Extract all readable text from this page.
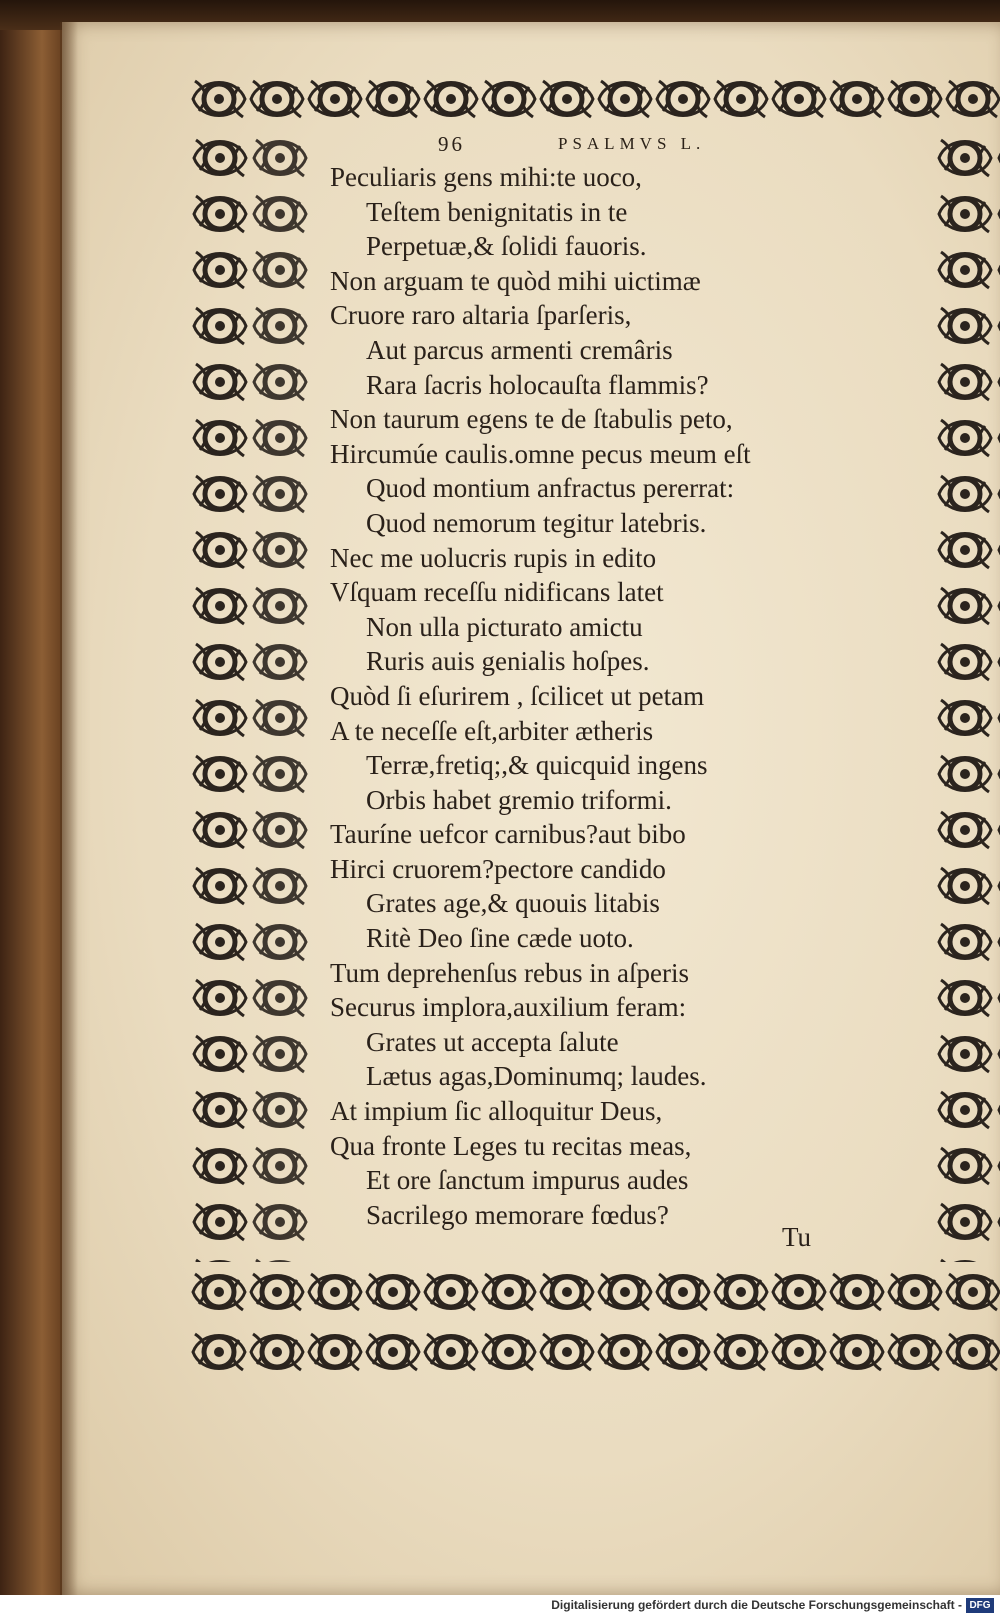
96	PSALMVS L.
Peculiaris gens mihi:te uoco,
Teſtem benignitatis in te
Perpetuæ,& ſolidi fauoris.
Non arguam te quòd mihi uictimæ
Cruore raro altaria ſparſeris,
Aut parcus armenti cremâris
Rara ſacris holocauſta flammis?
Non taurum egens te de ſtabulis peto,
Hircumúe caulis.omne pecus meum eſt
Quod montium anfractus pererrat:
Quod nemorum tegitur latebris.
Nec me uolucris rupis in edito
Vſquam receſſu nidificans latet
Non ulla picturato amictu
Ruris auis genialis hoſpes.
Quòd ſi eſurirem , ſcilicet ut petam
A te neceſſe eſt,arbiter ætheris
Terræ,fretiq;,& quicquid ingens
Orbis habet gremio triformi.
Tauríne uefcor carnibus?aut bibo
Hirci cruorem?pectore candido
Grates age,& quouis litabis
Ritè Deo ſine cæde uoto.
Tum deprehenſus rebus in aſperis
Securus implora,auxilium feram:
Grates ut accepta ſalute
Lætus agas,Dominumq; laudes.
At impium ſic alloquitur Deus,
Qua fronte Leges tu recitas meas,
Et ore ſanctum impurus audes
Sacrilego memorare fœdus?
Tu
Digitalisierung gefördert durch die Deutsche Forschungsgemeinschaft - DFG
